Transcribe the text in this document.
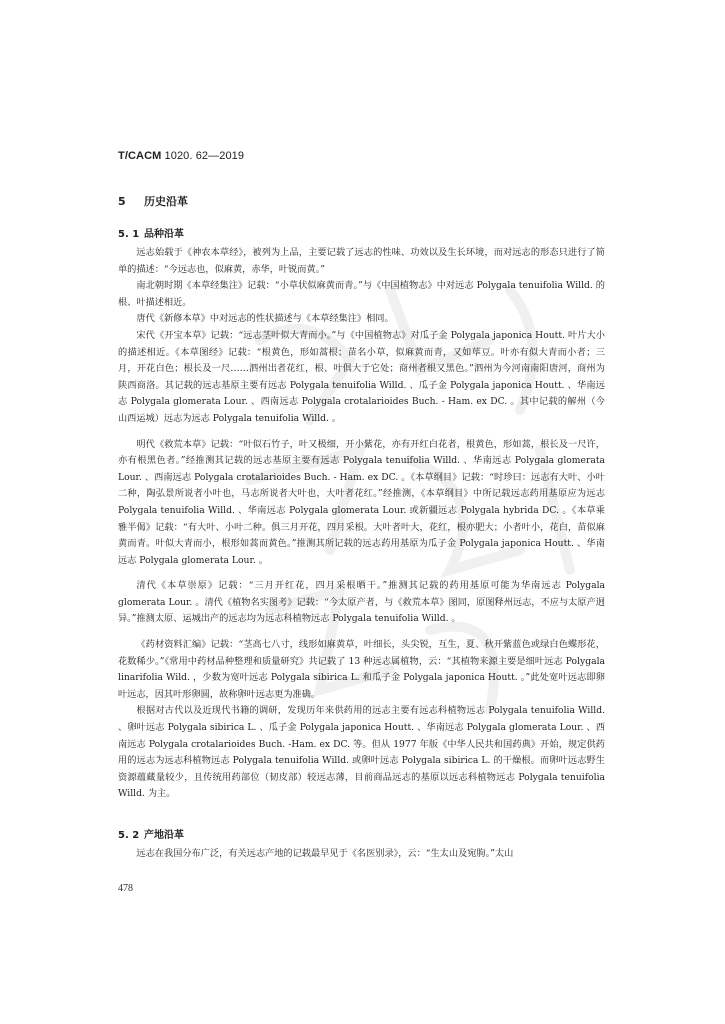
T/CACM 1020. 62—2019
5 历史沿革
5. 1 品种沿革

远志始载于《神农本草经》，被列为上品，主要记载了远志的性味、功效以及生长环境，而对远志的形态只进行了简单的描述：“今远志也，似麻黄，赤华，叶锐而黄。”

南北朝时期《本草经集注》记载：“小草状似麻黄而青。”与《中国植物志》中对远志 Polygala tenuifolia Willd. 的根、叶描述相近。

唐代《新修本草》中对远志的性状描述与《本草经集注》相同。

宋代《开宝本草》记载：“远志茎叶似大青而小。”与《中国植物志》对瓜子金 Polygala japonica Houtt. 叶片大小的描述相近。《本草图经》记载：“根黄色，形如蒿根；苗名小草，似麻黄而青，又如荜豆。叶亦有似大青而小者；三月，开花白色；根长及一尺……泗州出者花红，根、叶俱大于它处；商州者根又黑色。”泗州为今河南南阳唐河，商州为陕西商洛。其记载的远志基原主要有远志 Polygala tenuifolia Willd. 、瓜子金 Polygala japonica Houtt. 、华南远志 Polygala glomerata Lour. 、西南远志 Polygala crotalarioides Buch. - Ham. ex DC. 。其中记载的解州（今山西运城）远志为远志 Polygala tenuifolia Willd. 。

明代《救荒本草》记载：“叶似石竹子，叶又极细，开小紫花，亦有开红白花者，根黄色，形如蒿，根长及一尺许，亦有根黑色者。”经推测其记载的远志基原主要有远志 Polygala tenuifolia Willd. 、华南远志 Polygala glomerata Lour. 、西南远志 Polygala crotalarioides Buch. - Ham. ex DC. 。《本草纲目》记载：“时珍曰：远志有大叶、小叶二种，陶弘景所说者小叶也，马志所说者大叶也，大叶者花红。”经推测，《本草纲目》中所记载远志药用基原应为远志 Polygala tenuifolia Willd. 、华南远志 Polygala glomerata Lour. 或新疆远志 Polygala hybrida DC. 。《本草乘雅半偈》记载：“有大叶、小叶二种。俱三月开花，四月采根。大叶者叶大，花红，根亦肥大；小者叶小，花白，苗似麻黄而青。叶似大青而小，根形如蒿而黄色。”推测其所记载的远志药用基原为瓜子金 Polygala japonica Houtt. 、华南远志 Polygala glomerata Lour. 。

清代《本草崇原》记载：“三月开红花，四月采根晒干。”推测其记载的药用基原可能为华南远志 Polygala glomerata Lour. 。清代《植物名实图考》记载：“今太原产者，与《救荒本草》图同，原图释州远志，不应与太原产迥异。”推测太原、运城出产的远志均为远志科植物远志 Polygala tenuifolia Willd. 。

《药材资料汇编》记载：“茎高七八寸，线形如麻黄草，叶细长，头尖锐，互生，夏、秋开紫蓝色或绿白色蝶形花，花数稀少。”《常用中药材品种整理和质量研究》共记载了 13 种远志属植物，云：“其植物来源主要是细叶远志 Polygala linarifolia Wild. ，少数为宽叶远志 Polygala sibirica L. 和瓜子金 Polygala japonica Houtt. 。”此处宽叶远志即卵叶远志，因其叶形卵圆，故称卵叶远志更为准确。

根据对古代以及近现代书籍的调研，发现历年来供药用的远志主要有远志科植物远志 Polygala tenuifolia Willd. 、卵叶远志 Polygala sibirica L. 、瓜子金 Polygala japonica Houtt. 、华南远志 Polygala glomerata Lour. 、西南远志 Polygala crotalarioides Buch. -Ham. ex DC. 等。但从 1977 年版《中华人民共和国药典》开始，规定供药用的远志为远志科植物远志 Polygala tenuifolia Willd. 或卵叶远志 Polygala sibirica L. 的干燥根。而卵叶远志野生资源蕴藏量较少，且传统用药部位（韧皮部）较远志薄，目前商品远志的基原以远志科植物远志 Polygala tenuifolia Willd. 为主。

5. 2 产地沿革

远志在我国分布广泛，有关远志产地的记载最早见于《名医别录》，云：“生太山及宛朐。”太山

478
